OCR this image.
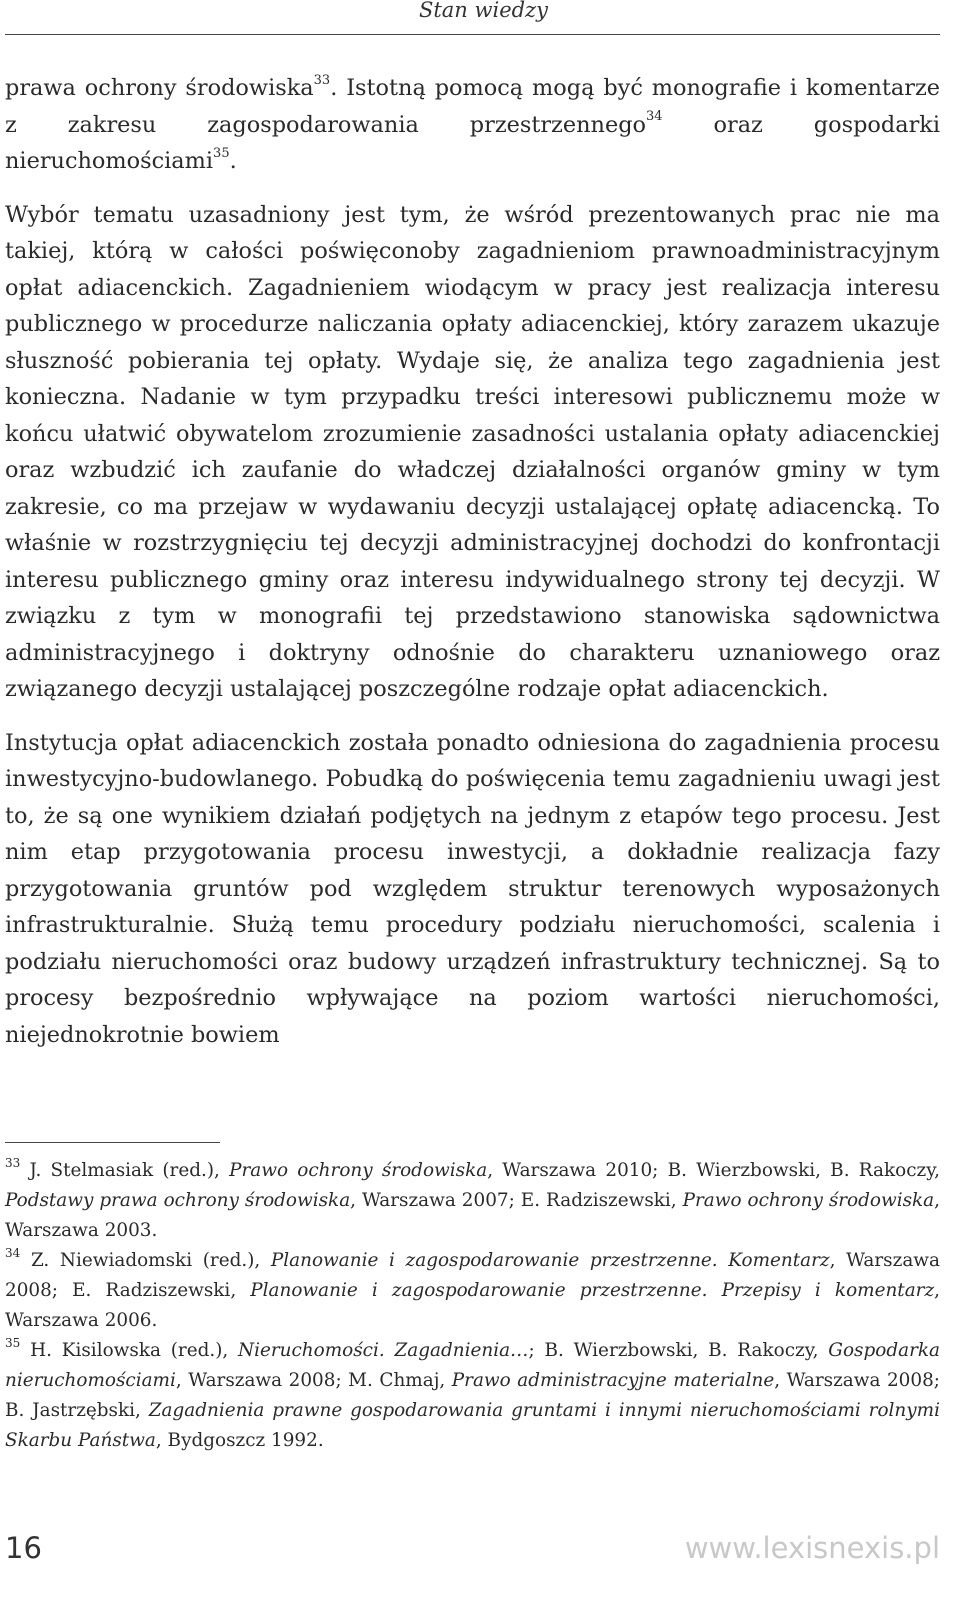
Stan wiedzy

prawa ochrony środowiska$^{33}$. Istotną pomocą mogą być monografie i komentarze z zakresu zagospodarowania przestrzennego$^{34}$ oraz gospodarki nieruchomościami$^{35}$.

Wybór tematu uzasadniony jest tym, że wśród prezentowanych prac nie ma takiej, którą w całości poświęconoby zagadnieniom prawnoadministracyjnym opłat adiacenckich. Zagadnieniem wiodącym w pracy jest realizacja interesu publicznego w procedurze naliczania opłaty adiacenckiej, który zarazem ukazuje słuszność pobierania tej opłaty. Wydaje się, że analiza tego zagadnienia jest konieczna. Nadanie w tym przypadku treści interesowi publicznemu może w końcu ułatwić obywatelom zrozumienie zasadności ustalania opłaty adiacenckiej oraz wzbudzić ich zaufanie do władczej działalności organów gminy w tym zakresie, co ma przejaw w wydawaniu decyzji ustalającej opłatę adiacencką. To właśnie w rozstrzygnięciu tej decyzji administracyjnej dochodzi do konfrontacji interesu publicznego gminy oraz interesu indywidualnego strony tej decyzji. W związku z tym w monografii tej przedstawiono stanowiska sądownictwa administracyjnego i doktryny odnośnie do charakteru uznaniowego oraz związanego decyzji ustalającej poszczególne rodzaje opłat adiacenckich.

Instytucja opłat adiacenckich została ponadto odniesiona do zagadnienia procesu inwestycyjno-budowlanego. Pobudką do poświęcenia temu zagadnieniu uwagi jest to, że są one wynikiem działań podjętych na jednym z etapów tego procesu. Jest nim etap przygotowania procesu inwestycji, a dokładnie realizacja fazy przygotowania gruntów pod względem struktur terenowych wyposażonych infrastrukturalnie. Służą temu procedury podziału nieruchomości, scalenia i podziału nieruchomości oraz budowy urządzeń infrastruktury technicznej. Są to procesy bezpośrednio wpływające na poziom wartości nieruchomości, niejednokrotnie bowiem

$^{33}$ J. Stelmasiak (red.), Prawo ochrony środowiska, Warszawa 2010; B. Wierzbowski, B. Rakoczy, Podstawy prawa ochrony środowiska, Warszawa 2007; E. Radziszewski, Prawo ochrony środowiska, Warszawa 2003.

$^{34}$ Z. Niewiadomski (red.), Planowanie i zagospodarowanie przestrzenne. Komentarz, Warszawa 2008; E. Radziszewski, Planowanie i zagospodarowanie przestrzenne. Przepisy i komentarz, Warszawa 2006.

$^{35}$ H. Kisilowska (red.), Nieruchomości. Zagadnienia…; B. Wierzbowski, B. Rakoczy, Gospodarka nieruchomościami, Warszawa 2008; M. Chmaj, Prawo administracyjne materialne, Warszawa 2008; B. Jastrzębski, Zagadnienia prawne gospodarowania gruntami i innymi nieruchomościami rolnymi Skarbu Państwa, Bydgoszcz 1992.

16	www.lexisnexis.pl
